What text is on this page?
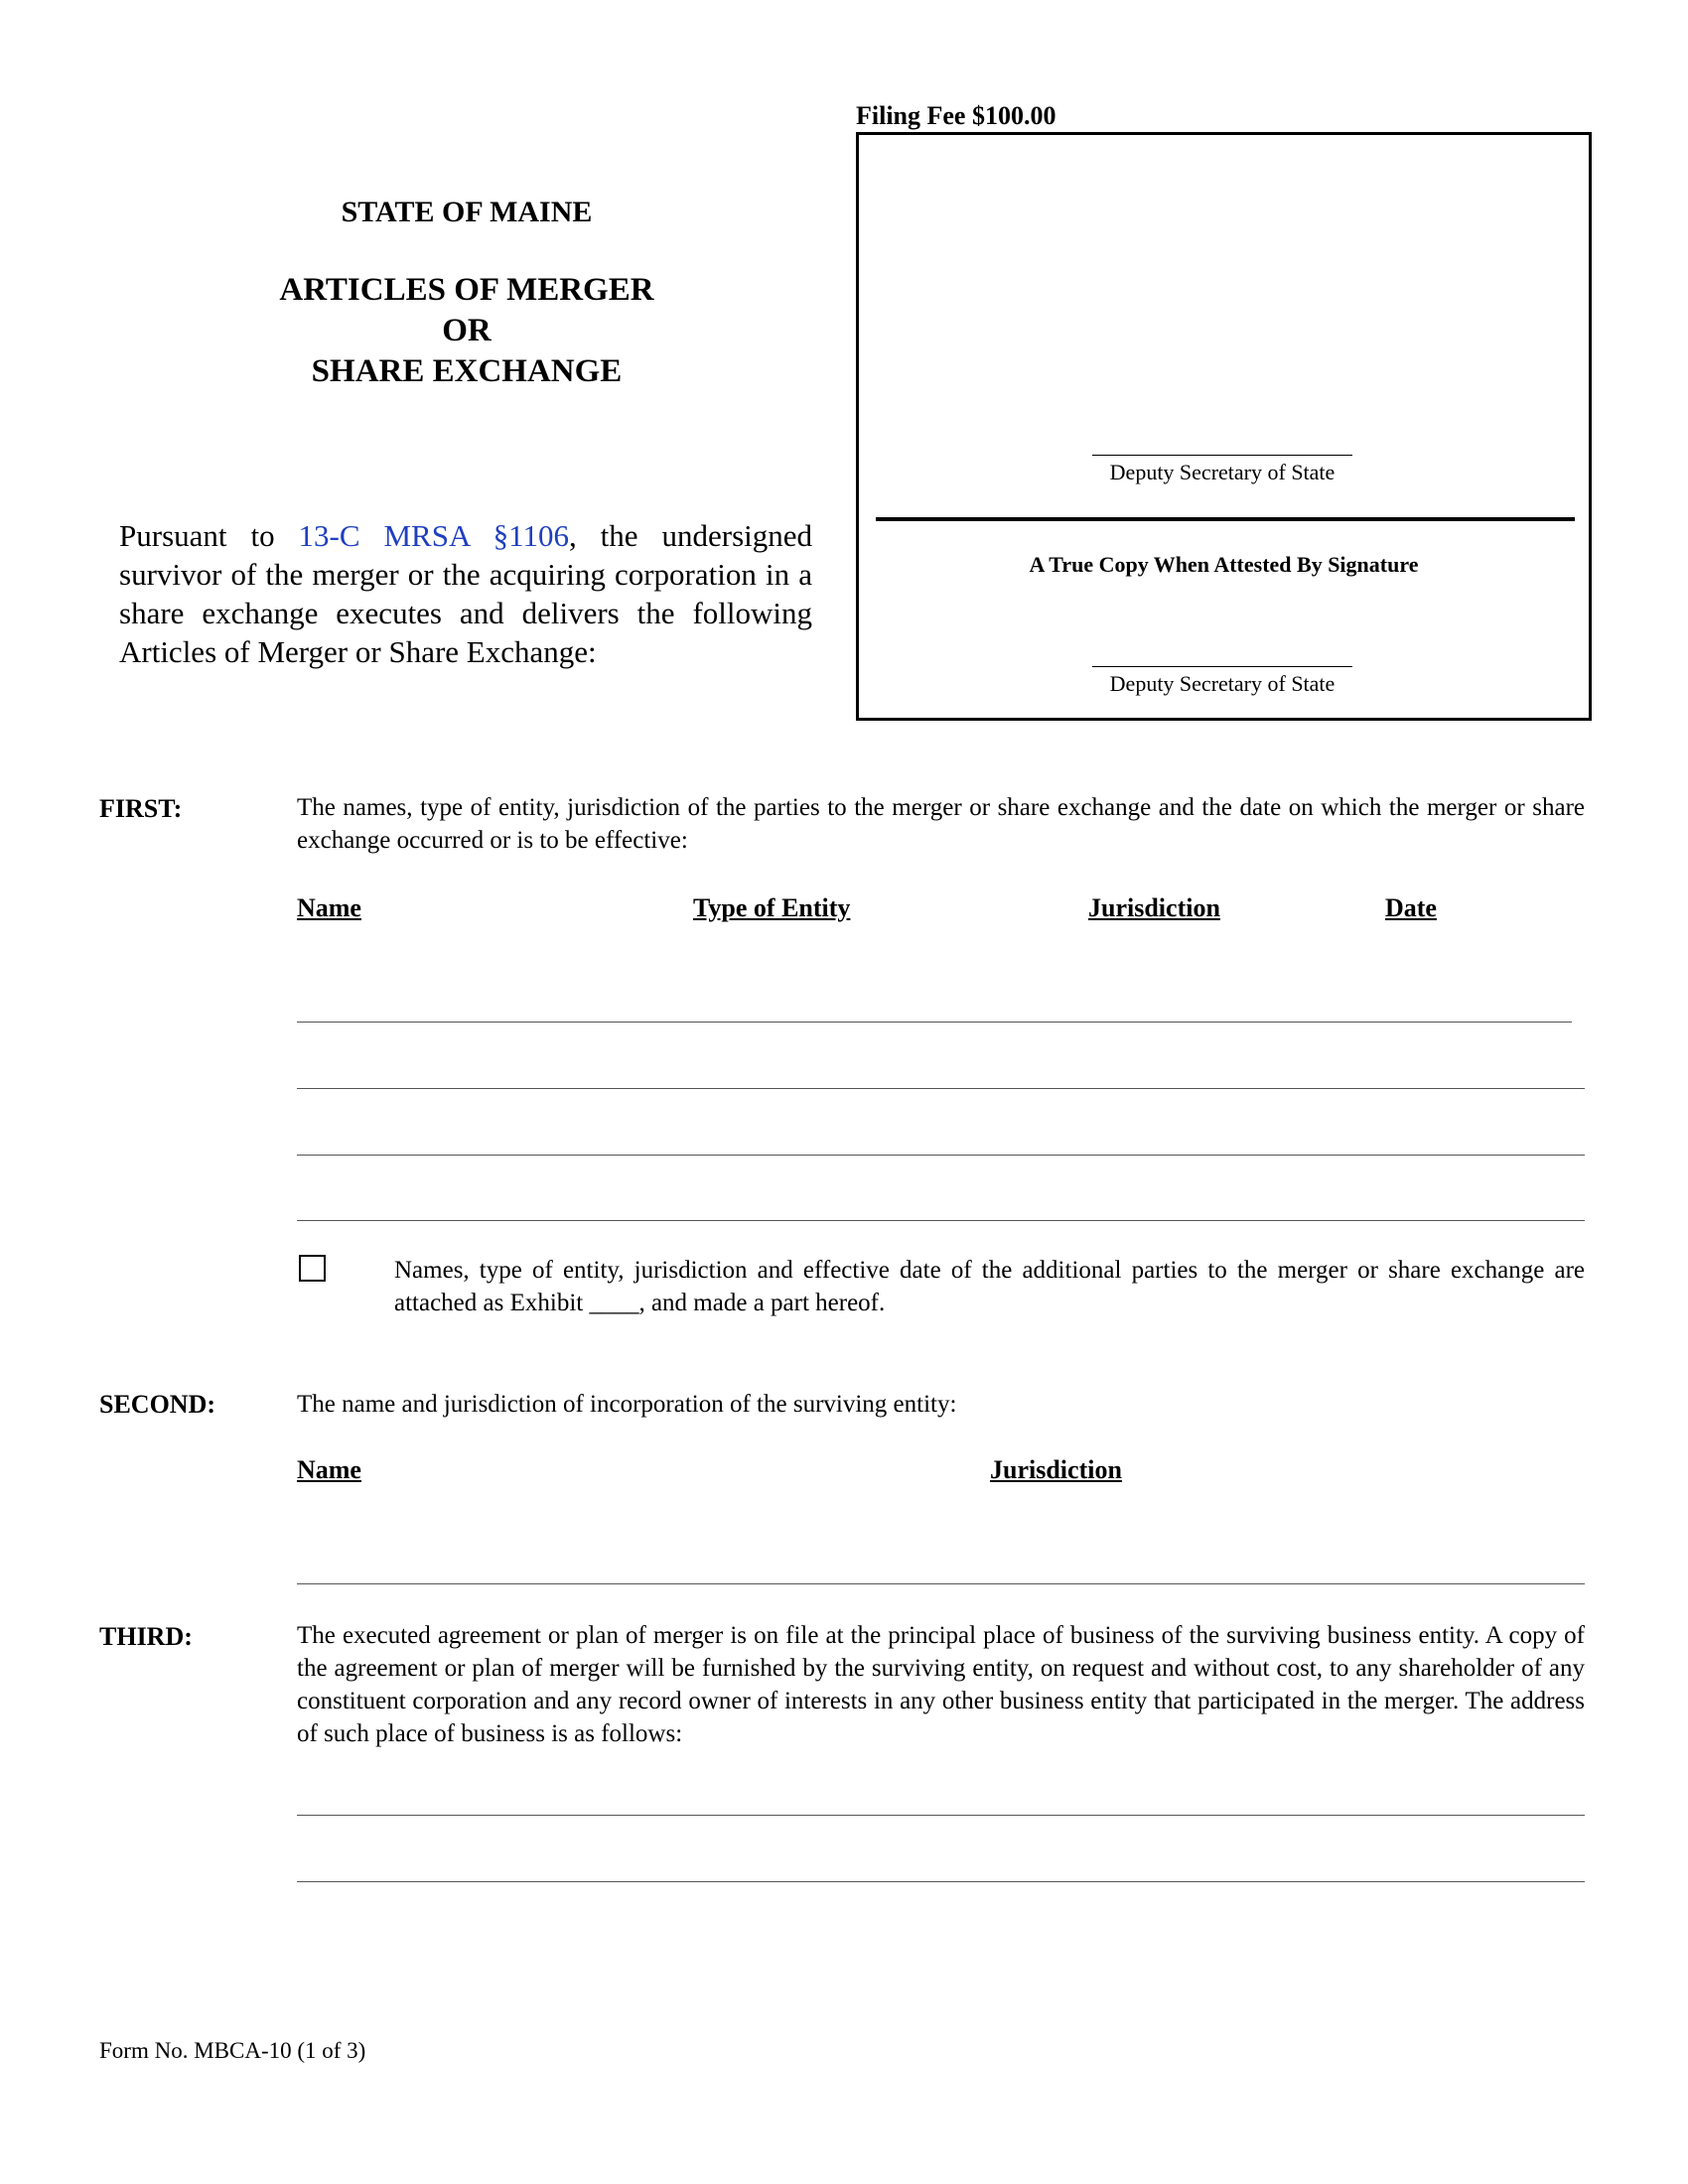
STATE OF MAINE
ARTICLES OF MERGER
OR
SHARE EXCHANGE
Pursuant to 13-C MRSA §1106, the undersigned survivor of the merger or the acquiring corporation in a share exchange executes and delivers the following Articles of Merger or Share Exchange:
Filing Fee $100.00
Deputy Secretary of State
A True Copy When Attested By Signature
Deputy Secretary of State
FIRST:	The names, type of entity, jurisdiction of the parties to the merger or share exchange and the date on which the merger or share exchange occurred or is to be effective:
Name	Type of Entity	Jurisdiction	Date
Names, type of entity, jurisdiction and effective date of the additional parties to the merger or share exchange are attached as Exhibit ____, and made a part hereof.
SECOND:	The name and jurisdiction of incorporation of the surviving entity:
Name	Jurisdiction
THIRD:	The executed agreement or plan of merger is on file at the principal place of business of the surviving business entity. A copy of the agreement or plan of merger will be furnished by the surviving entity, on request and without cost, to any shareholder of any constituent corporation and any record owner of interests in any other business entity that participated in the merger. The address of such place of business is as follows:
Form No. MBCA-10 (1 of 3)
